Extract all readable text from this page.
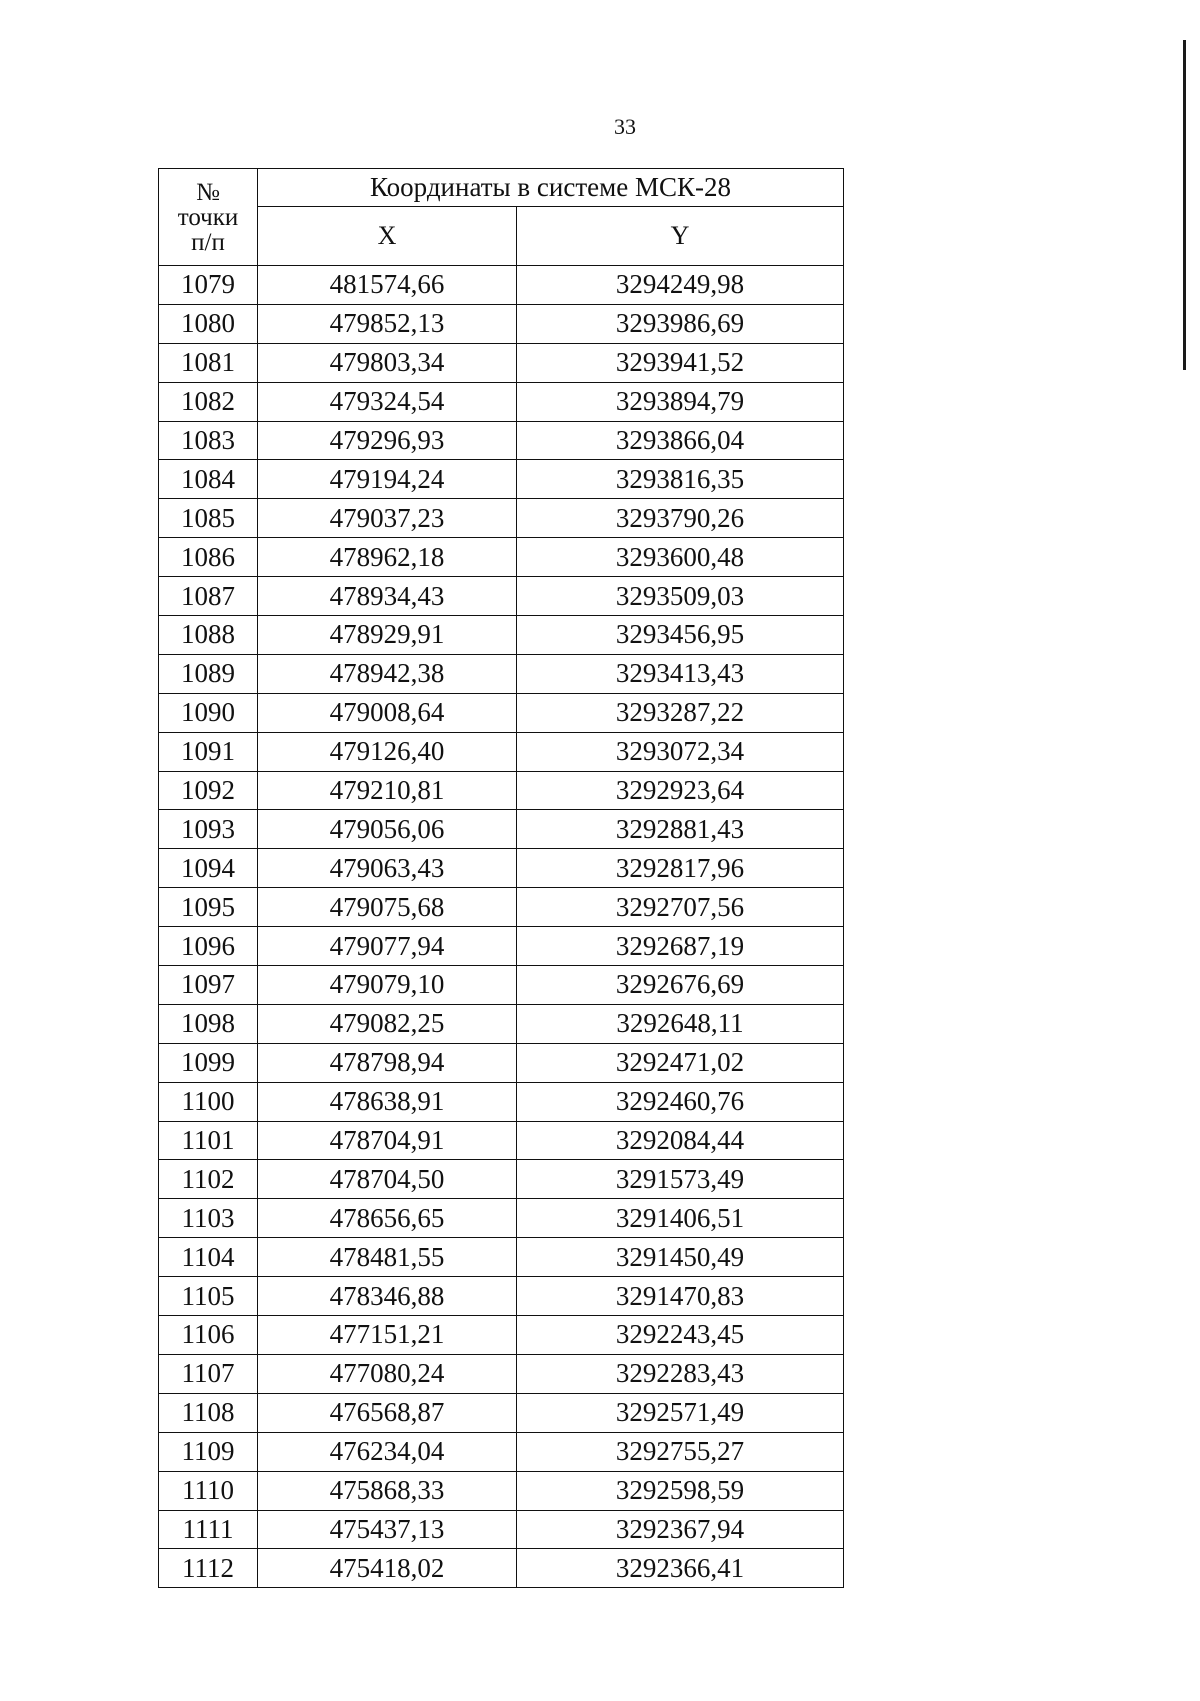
33
№
точки
п/п	Координаты в системе МСК-28	
	X	Y
1079	481574,66	3294249,98
1080	479852,13	3293986,69
1081	479803,34	3293941,52
1082	479324,54	3293894,79
1083	479296,93	3293866,04
1084	479194,24	3293816,35
1085	479037,23	3293790,26
1086	478962,18	3293600,48
1087	478934,43	3293509,03
1088	478929,91	3293456,95
1089	478942,38	3293413,43
1090	479008,64	3293287,22
1091	479126,40	3293072,34
1092	479210,81	3292923,64
1093	479056,06	3292881,43
1094	479063,43	3292817,96
1095	479075,68	3292707,56
1096	479077,94	3292687,19
1097	479079,10	3292676,69
1098	479082,25	3292648,11
1099	478798,94	3292471,02
1100	478638,91	3292460,76
1101	478704,91	3292084,44
1102	478704,50	3291573,49
1103	478656,65	3291406,51
1104	478481,55	3291450,49
1105	478346,88	3291470,83
1106	477151,21	3292243,45
1107	477080,24	3292283,43
1108	476568,87	3292571,49
1109	476234,04	3292755,27
1110	475868,33	3292598,59
1111	475437,13	3292367,94
1112	475418,02	3292366,41
